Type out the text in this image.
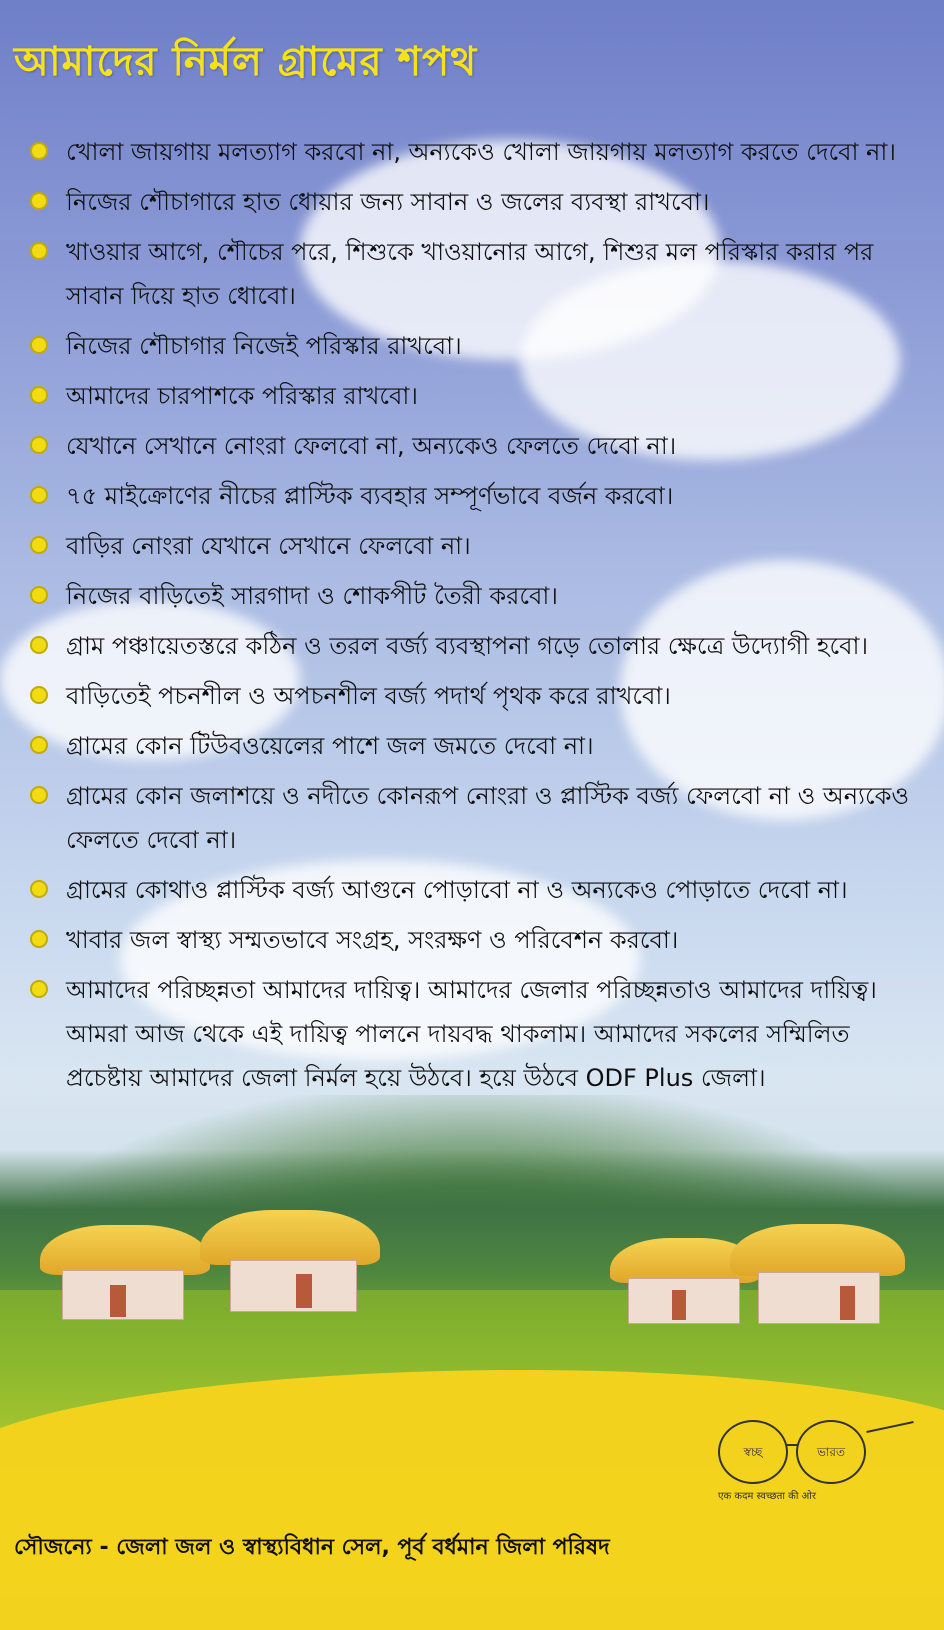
আমাদের নির্মল গ্রামের শপথ
খোলা জায়গায় মলত্যাগ করবো না, অন্যকেও খোলা জায়গায় মলত্যাগ করতে দেবো না।
নিজের শৌচাগারে হাত ধোয়ার জন্য সাবান ও জলের ব্যবস্থা রাখবো।
খাওয়ার আগে, শৌচের পরে, শিশুকে খাওয়ানোর আগে, শিশুর মল পরিস্কার করার পর সাবান দিয়ে হাত ধোবো।
নিজের শৌচাগার নিজেই পরিস্কার রাখবো।
আমাদের চারপাশকে পরিস্কার রাখবো।
যেখানে সেখানে নোংরা ফেলবো না, অন্যকেও ফেলতে দেবো না।
৭৫ মাইক্রোণের নীচের প্লাস্টিক ব্যবহার সম্পূর্ণভাবে বর্জন করবো।
বাড়ির নোংরা যেখানে সেখানে ফেলবো না।
নিজের বাড়িতেই সারগাদা ও শোকপীট তৈরী করবো।
গ্রাম পঞ্চায়েতস্তরে কঠিন ও তরল বর্জ্য ব্যবস্থাপনা গড়ে তোলার ক্ষেত্রে উদ্যোগী হবো।
বাড়িতেই পচনশীল ও অপচনশীল বর্জ্য পদার্থ পৃথক করে রাখবো।
গ্রামের কোন টিউবওয়েলের পাশে জল জমতে দেবো না।
গ্রামের কোন জলাশয়ে ও নদীতে কোনরূপ নোংরা ও প্লাস্টিক বর্জ্য ফেলবো না ও অন্যকেও ফেলতে দেবো না।
গ্রামের কোথাও প্লাস্টিক বর্জ্য আগুনে পোড়াবো না ও অন্যকেও পোড়াতে দেবো না।
খাবার জল স্বাস্থ্য সম্মতভাবে সংগ্রহ, সংরক্ষণ ও পরিবেশন করবো।
আমাদের পরিচ্ছন্নতা আমাদের দায়িত্ব। আমাদের জেলার পরিচ্ছন্নতাও আমাদের দায়িত্ব। আমরা আজ থেকে এই দায়িত্ব পালনে দায়বদ্ধ থাকলাম। আমাদের সকলের সম্মিলিত প্রচেষ্টায় আমাদের জেলা নির্মল হয়ে উঠবে। হয়ে উঠবে ODF Plus জেলা।
স্বচ্ছ	ভারত
एक कदम स्वच्छता की ओर
সৌজন্যে - জেলা জল ও স্বাস্থ্যবিধান সেল, পূর্ব বর্ধমান জিলা পরিষদ
